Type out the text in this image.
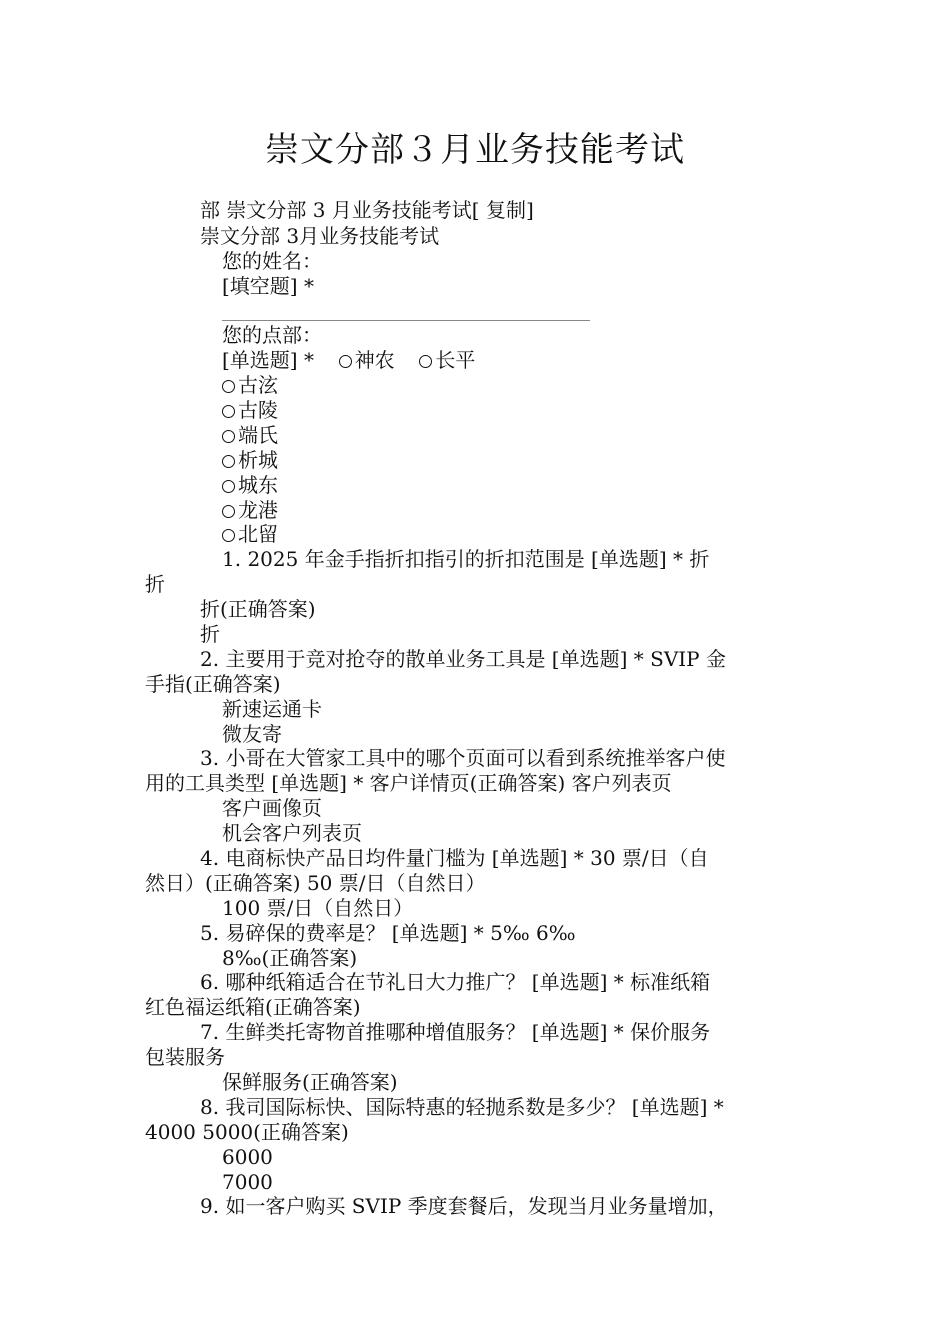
崇文分部３月业务技能考试
部 崇文分部 3 月业务技能考试[ 复制]
崇文分部 3月业务技能考试
您的姓名：
[填空题] *
您的点部：
[单选题] * 神农 长平
古泫
古陵
端氏
析城
城东
龙港
北留
1. 2025 年金手指折扣指引的折扣范围是 [单选题] * 折
折
折(正确答案)
折
2. 主要用于竞对抢夺的散单业务工具是 [单选题] * SVIP 金
手指(正确答案)
新速运通卡
微友寄
3. 小哥在大管家工具中的哪个页面可以看到系统推举客户使
用的工具类型 [单选题] * 客户详情页(正确答案) 客户列表页
客户画像页
机会客户列表页
4. 电商标快产品日均件量门槛为 [单选题] * 30 票/日（自
然日）(正确答案) 50 票/日（自然日）
100 票/日（自然日）
5. 易碎保的费率是？ [单选题] * 5‰ 6‰
8‰(正确答案)
6. 哪种纸箱适合在节礼日大力推广？ [单选题] * 标准纸箱
红色福运纸箱(正确答案)
7. 生鲜类托寄物首推哪种增值服务？ [单选题] * 保价服务
包装服务
保鲜服务(正确答案)
8. 我司国际标快、国际特惠的轻抛系数是多少？ [单选题] *
4000 5000(正确答案)
6000
7000
9. 如一客户购买 SVIP 季度套餐后，发现当月业务量增加，
